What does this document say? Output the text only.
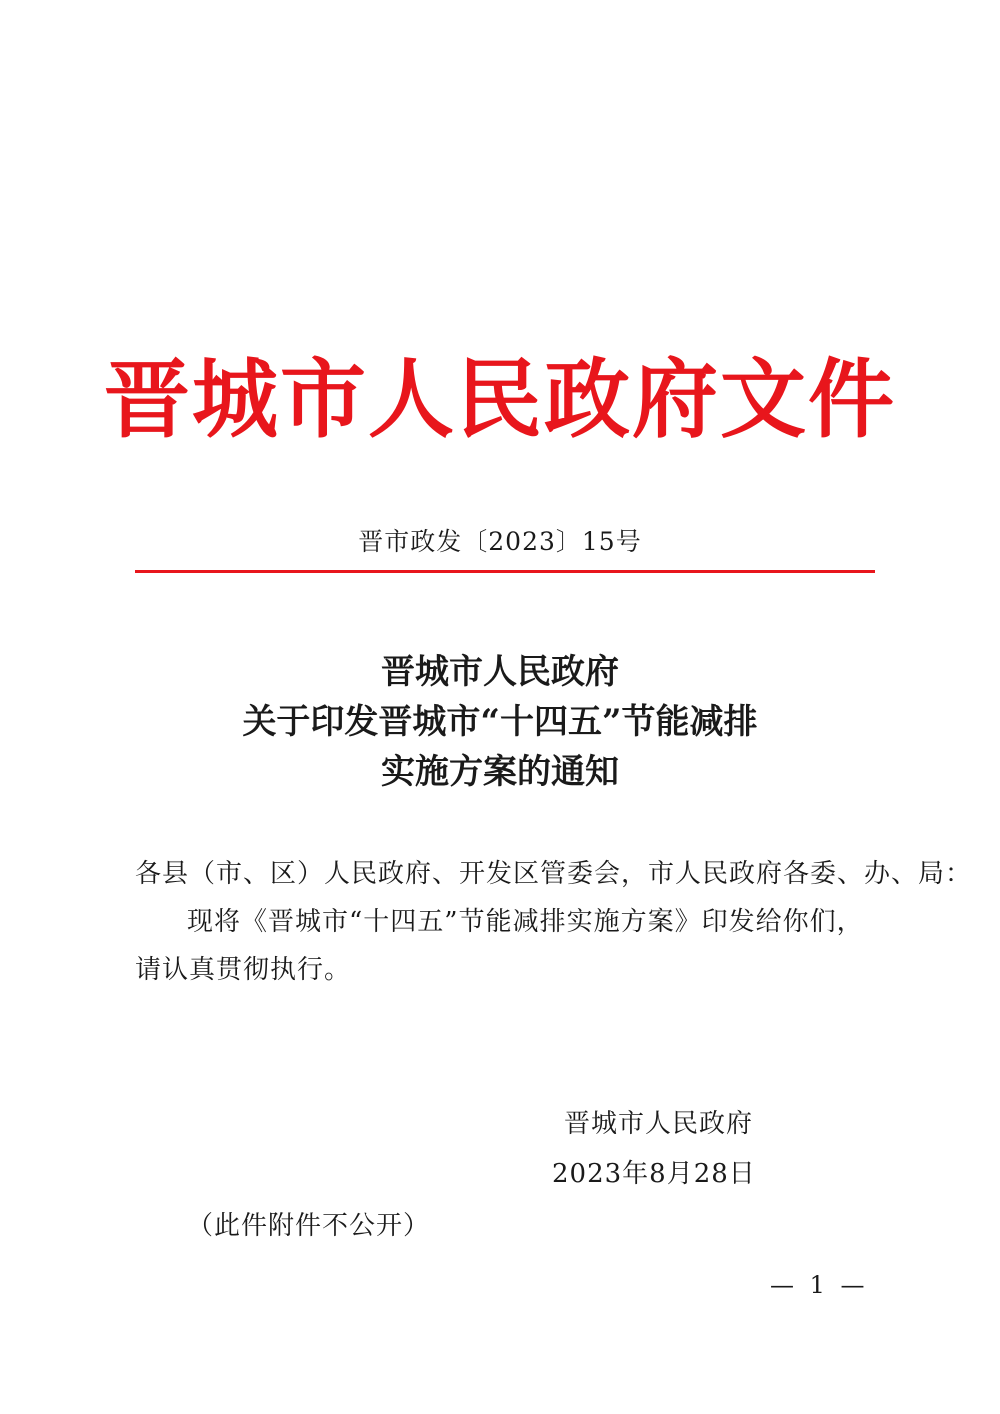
晋城市人民政府文件
晋市政发〔2023〕15号
晋城市人民政府
关于印发晋城市“十四五”节能减排
实施方案的通知
各县（市、区）人民政府、开发区管委会，市人民政府各委、办、局：
现将《晋城市“十四五”节能减排实施方案》印发给你们，
请认真贯彻执行。
晋城市人民政府
2023年8月28日
（此件附件不公开）
— 1 —
